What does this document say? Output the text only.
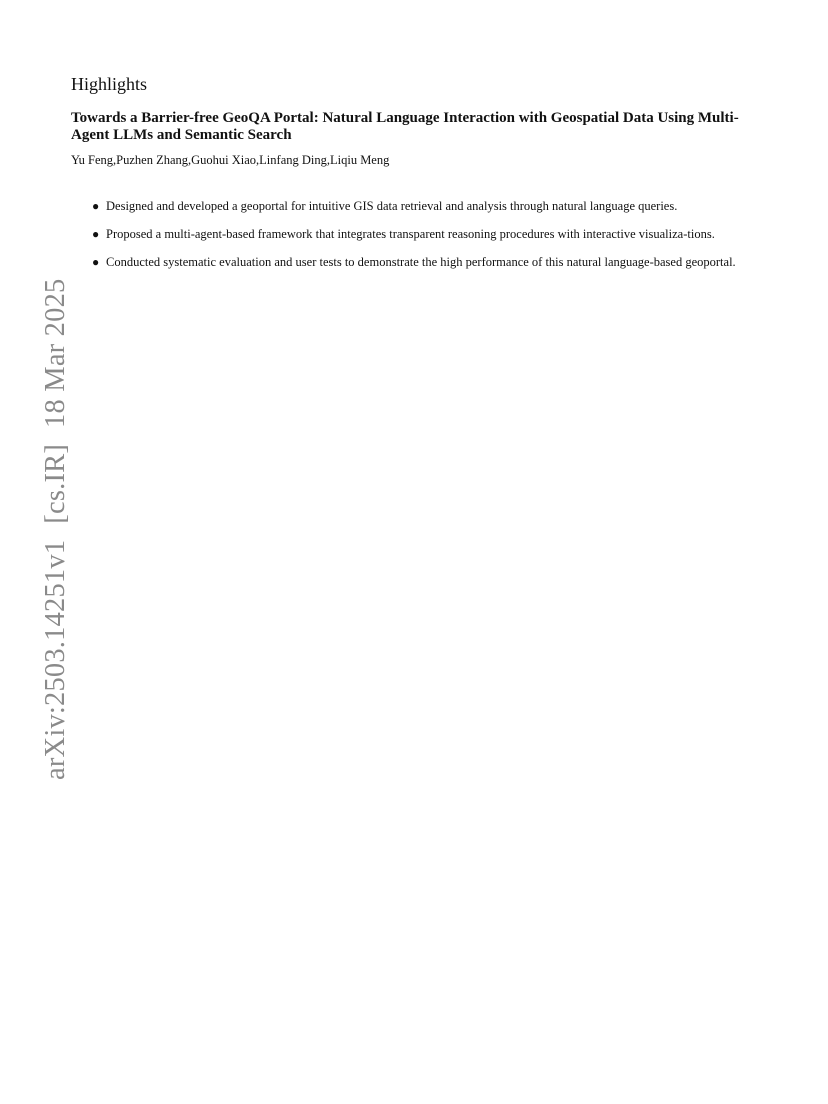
Highlights
Towards a Barrier-free GeoQA Portal: Natural Language Interaction with Geospatial Data Using Multi-Agent LLMs and Semantic Search

Yu Feng,Puzhen Zhang,Guohui Xiao,Linfang Ding,Liqiu Meng

● Designed and developed a geoportal for intuitive GIS data retrieval and analysis through natural language queries.
● Proposed a multi-agent-based framework that integrates transparent reasoning procedures with interactive visualiza-tions.
● Conducted systematic evaluation and user tests to demonstrate the high performance of this natural language-based geoportal.
arXiv:2503.14251v1[cs.IR]18 Mar 2025
